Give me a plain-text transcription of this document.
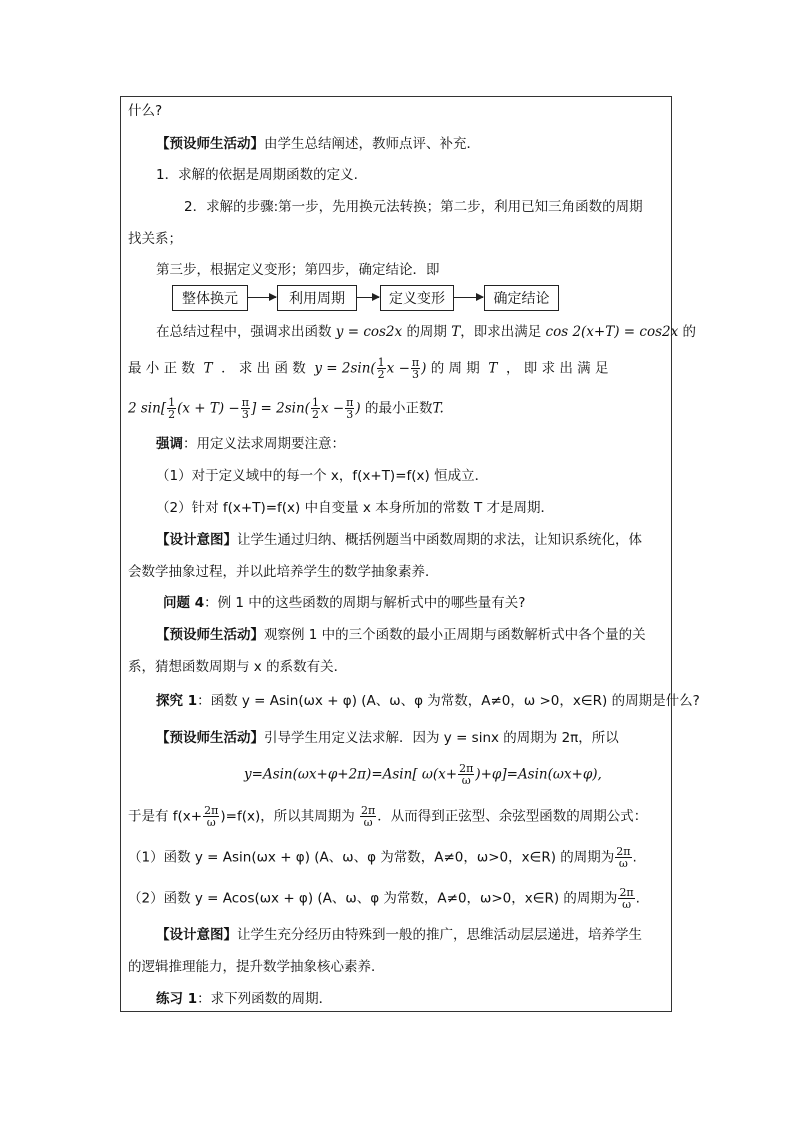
什么?
【预设师生活动】由学生总结阐述，教师点评、补充．
1．求解的依据是周期函数的定义.
2．求解的步骤:第一步，先用换元法转换；第二步，利用已知三角函数的周期
找关系；
第三步，根据定义变形；第四步，确定结论．即
整体换元	利用周期	定义变形	确定结论
在总结过程中，强调求出函数 y = cos2x 的周期 T，即求出满足 cos 2(x+T) = cos2x 的
最 小 正 数 T ． 求 出 函 数 $y = 2\sin( \frac{1}{2}$ $x - \frac{\pi}{3}$ ) 的 周 期 T ， 即 求 出 满 足
2 $\sin[ \frac{1}{2} (x + T) - \frac{\pi}{3}$ ] = $2\sin( \frac{1}{2}$ $x - \frac{\pi}{3}$ ) 的最小正数T.
强调：用定义法求周期要注意：
（1）对于定义域中的每一个 x，f(x+T)=f(x) 恒成立．
（2）针对 f(x+T)=f(x) 中自变量 x 本身所加的常数 T 才是周期．
【设计意图】让学生通过归纳、概括例题当中函数周期的求法，让知识系统化，体
会数学抽象过程，并以此培养学生的数学抽象素养．
问题 4：例 1 中的这些函数的周期与解析式中的哪些量有关?
【预设师生活动】观察例 1 中的三个函数的最小正周期与函数解析式中各个量的关
系，猜想函数周期与 x 的系数有关．
探究 1：函数 y = Asin(ωx + φ) (A、ω、φ 为常数，A≠0，ω >0，x∈R) 的周期是什么?
【预设师生活动】引导学生用定义法求解．因为 y = sinx 的周期为 2π，所以
y=Asin(ωx+φ+2π)=Asin[ $\omega(x+ \frac{2\pi}{\omega} )+\varphi]=Asin(\omega x+\varphi)$,
于是有 $f(x+ \frac{2\pi}{\omega} )=f(x)$，所以其周期为 $\frac{2\pi}{\omega}$ ．从而得到正弦型、余弦型函数的周期公式：
（1）函数 y = Asin(ωx + φ) (A、ω、φ 为常数，A≠0，ω>0，x∈R) 的周期为 $\frac{2\pi}{\omega}$ .
（2）函数 y = Acos(ωx + φ) (A、ω、φ 为常数，A≠0，ω>0，x∈R) 的周期为 $\frac{2\pi}{\omega}$ .
【设计意图】让学生充分经历由特殊到一般的推广，思维活动层层递进，培养学生
的逻辑推理能力，提升数学抽象核心素养．
练习 1：求下列函数的周期．
